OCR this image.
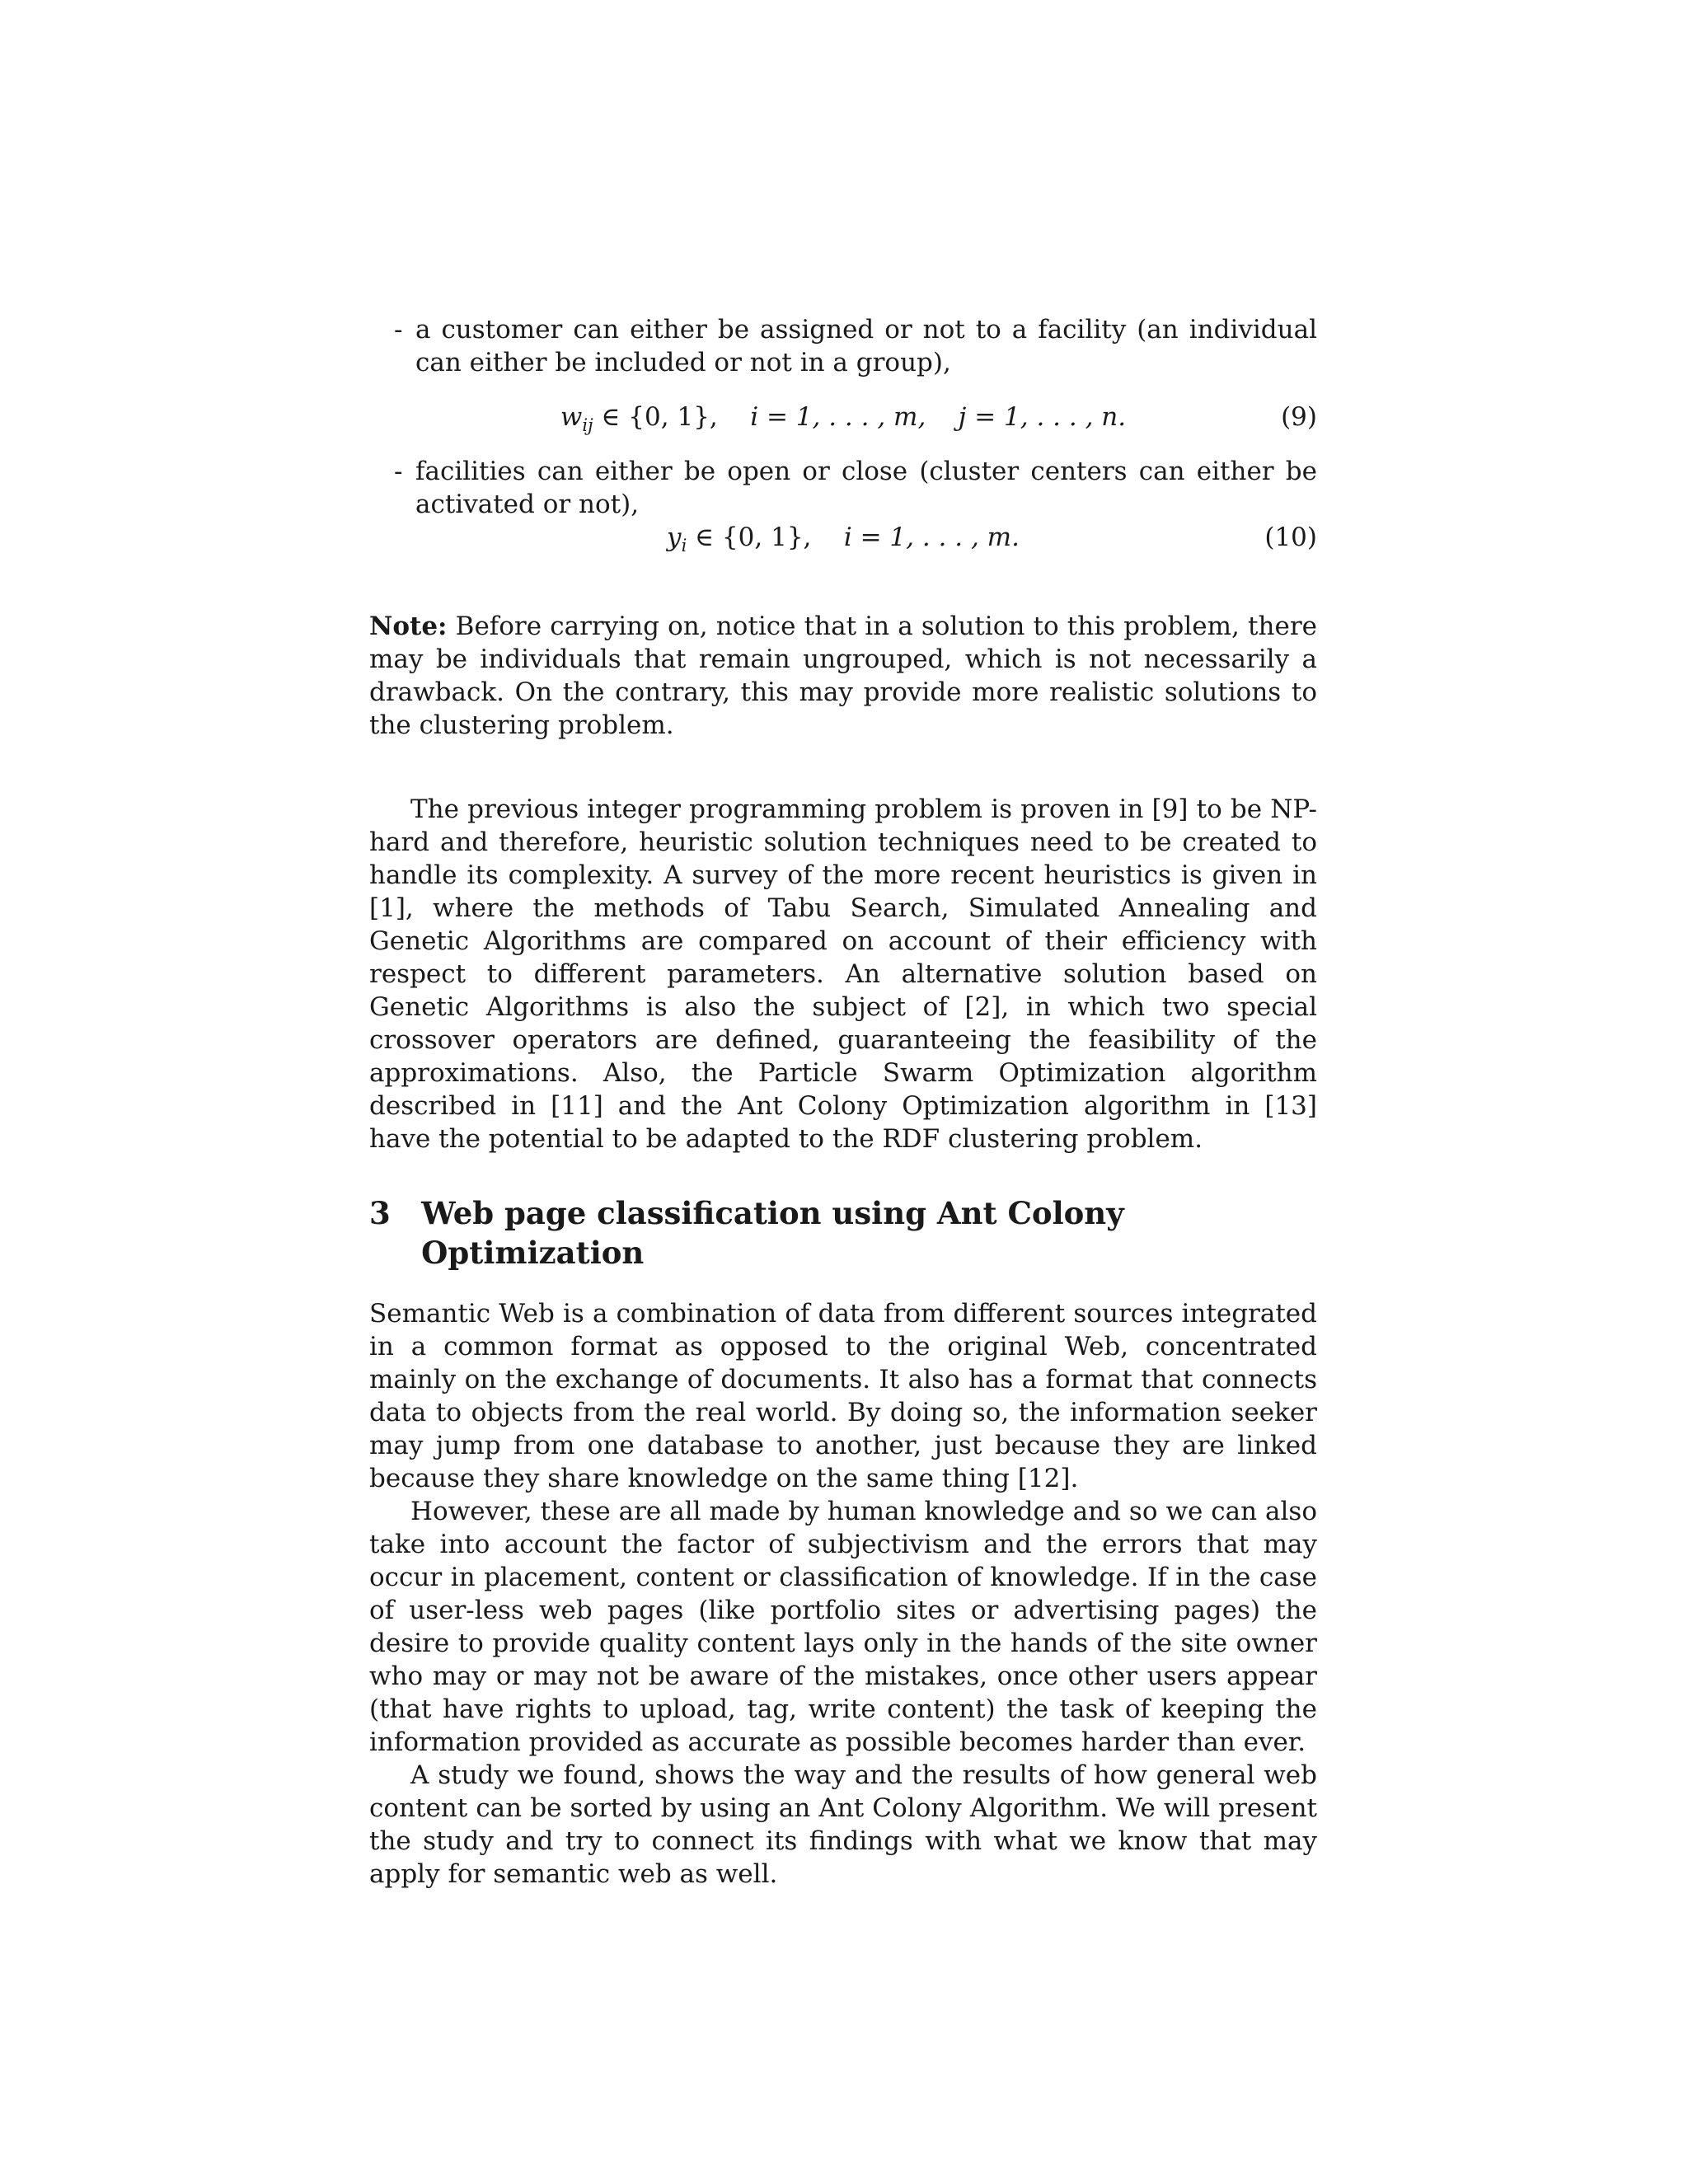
- a customer can either be assigned or not to a facility (an individual can either be included or not in a group),
$w_{ij}$ ∈ {0, 1},    i = 1, . . . , m,    j = 1, . . . , n.	(9)
- facilities can either be open or close (cluster centers can either be activated or not),
$y_i$ ∈ {0, 1},    i = 1, . . . , m.	(10)

Note: Before carrying on, notice that in a solution to this problem, there may be individuals that remain ungrouped, which is not necessarily a drawback. On the contrary, this may provide more realistic solutions to the clustering problem.

The previous integer programming problem is proven in [9] to be NP-hard and therefore, heuristic solution techniques need to be created to handle its complexity. A survey of the more recent heuristics is given in [1], where the methods of Tabu Search, Simulated Annealing and Genetic Algorithms are compared on account of their efficiency with respect to different parameters. An alternative solution based on Genetic Algorithms is also the subject of [2], in which two special crossover operators are defined, guaranteeing the feasibility of the approximations. Also, the Particle Swarm Optimization algorithm described in [11] and the Ant Colony Optimization algorithm in [13] have the potential to be adapted to the RDF clustering problem.

3	Web page classification using Ant Colony Optimization

Semantic Web is a combination of data from different sources integrated in a common format as opposed to the original Web, concentrated mainly on the exchange of documents. It also has a format that connects data to objects from the real world. By doing so, the information seeker may jump from one database to another, just because they are linked because they share knowledge on the same thing [12].

However, these are all made by human knowledge and so we can also take into account the factor of subjectivism and the errors that may occur in placement, content or classification of knowledge. If in the case of user-less web pages (like portfolio sites or advertising pages) the desire to provide quality content lays only in the hands of the site owner who may or may not be aware of the mistakes, once other users appear (that have rights to upload, tag, write content) the task of keeping the information provided as accurate as possible becomes harder than ever.

A study we found, shows the way and the results of how general web content can be sorted by using an Ant Colony Algorithm. We will present the study and try to connect its findings with what we know that may apply for semantic web as well.
